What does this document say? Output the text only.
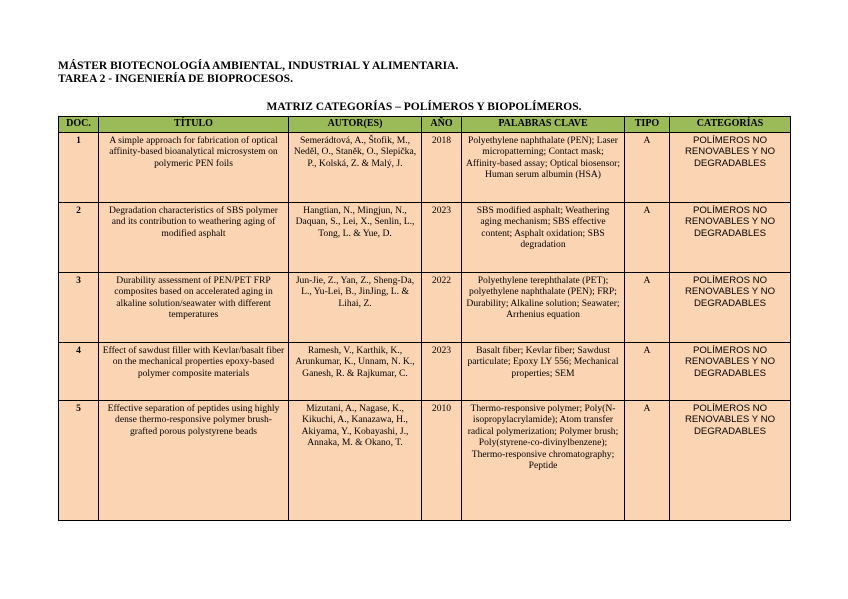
MÁSTER BIOTECNOLOGÍA AMBIENTAL, INDUSTRIAL Y ALIMENTARIA.
TAREA 2 - INGENIERÍA DE BIOPROCESOS.
MATRIZ CATEGORÍAS – POLÍMEROS Y BIOPOLÍMEROS.
DOC.	TÍTULO	AUTOR(ES)	AÑO	PALABRAS CLAVE	TIPO	CATEGORÍAS
1	A simple approach for fabrication of optical affinity-based bioanalytical microsystem on polymeric PEN foils	Semerádtová, A., Štofik, M., Neděl, O., Staněk, O., Slepička, P., Kolská, Z. & Malý, J.	2018	Polyethylene naphthalate (PEN); Laser micropatterning; Contact mask; Affinity-based assay; Optical biosensor; Human serum albumin (HSA)	A	POLÍMEROS NO RENOVABLES Y NO DEGRADABLES
2	Degradation characteristics of SBS polymer and its contribution to weathering aging of modified asphalt	Hangtian, N., Mingjun, N., Daquan, S., Lei, X., Senlin, L., Tong, L. & Yue, D.	2023	SBS modified asphalt; Weathering aging mechanism; SBS effective content; Asphalt oxidation; SBS degradation	A	POLÍMEROS NO RENOVABLES Y NO DEGRADABLES
3	Durability assessment of PEN/PET FRP composites based on accelerated aging in alkaline solution/seawater with different temperatures	Jun-Jie, Z., Yan, Z., Sheng-Da, L., Yu-Lei, B., JinJing, L. & Lihai, Z.	2022	Polyethylene terephthalate (PET); polyethylene naphthalate (PEN); FRP; Durability; Alkaline solution; Seawater; Arrhenius equation	A	POLÍMEROS NO RENOVABLES Y NO DEGRADABLES
4	Effect of sawdust filler with Kevlar/basalt fiber on the mechanical properties epoxy-based polymer composite materials	Ramesh, V., Karthik, K., Arunkumar, K., Unnam, N. K., Ganesh, R. & Rajkumar, C.	2023	Basalt fiber; Kevlar fiber; Sawdust particulate; Epoxy LY 556; Mechanical properties; SEM	A	POLÍMEROS NO RENOVABLES Y NO DEGRADABLES
5	Effective separation of peptides using highly dense thermo-responsive polymer brush-grafted porous polystyrene beads	Mizutani, A., Nagase, K., Kikuchi, A., Kanazawa, H., Akiyama, Y., Kobayashi, J., Annaka, M. & Okano, T.	2010	Thermo-responsive polymer; Poly(N-isopropylacrylamide); Atom transfer radical polymerization; Polymer brush; Poly(styrene-co-divinylbenzene); Thermo-responsive chromatography; Peptide	A	POLÍMEROS NO RENOVABLES Y NO DEGRADABLES
